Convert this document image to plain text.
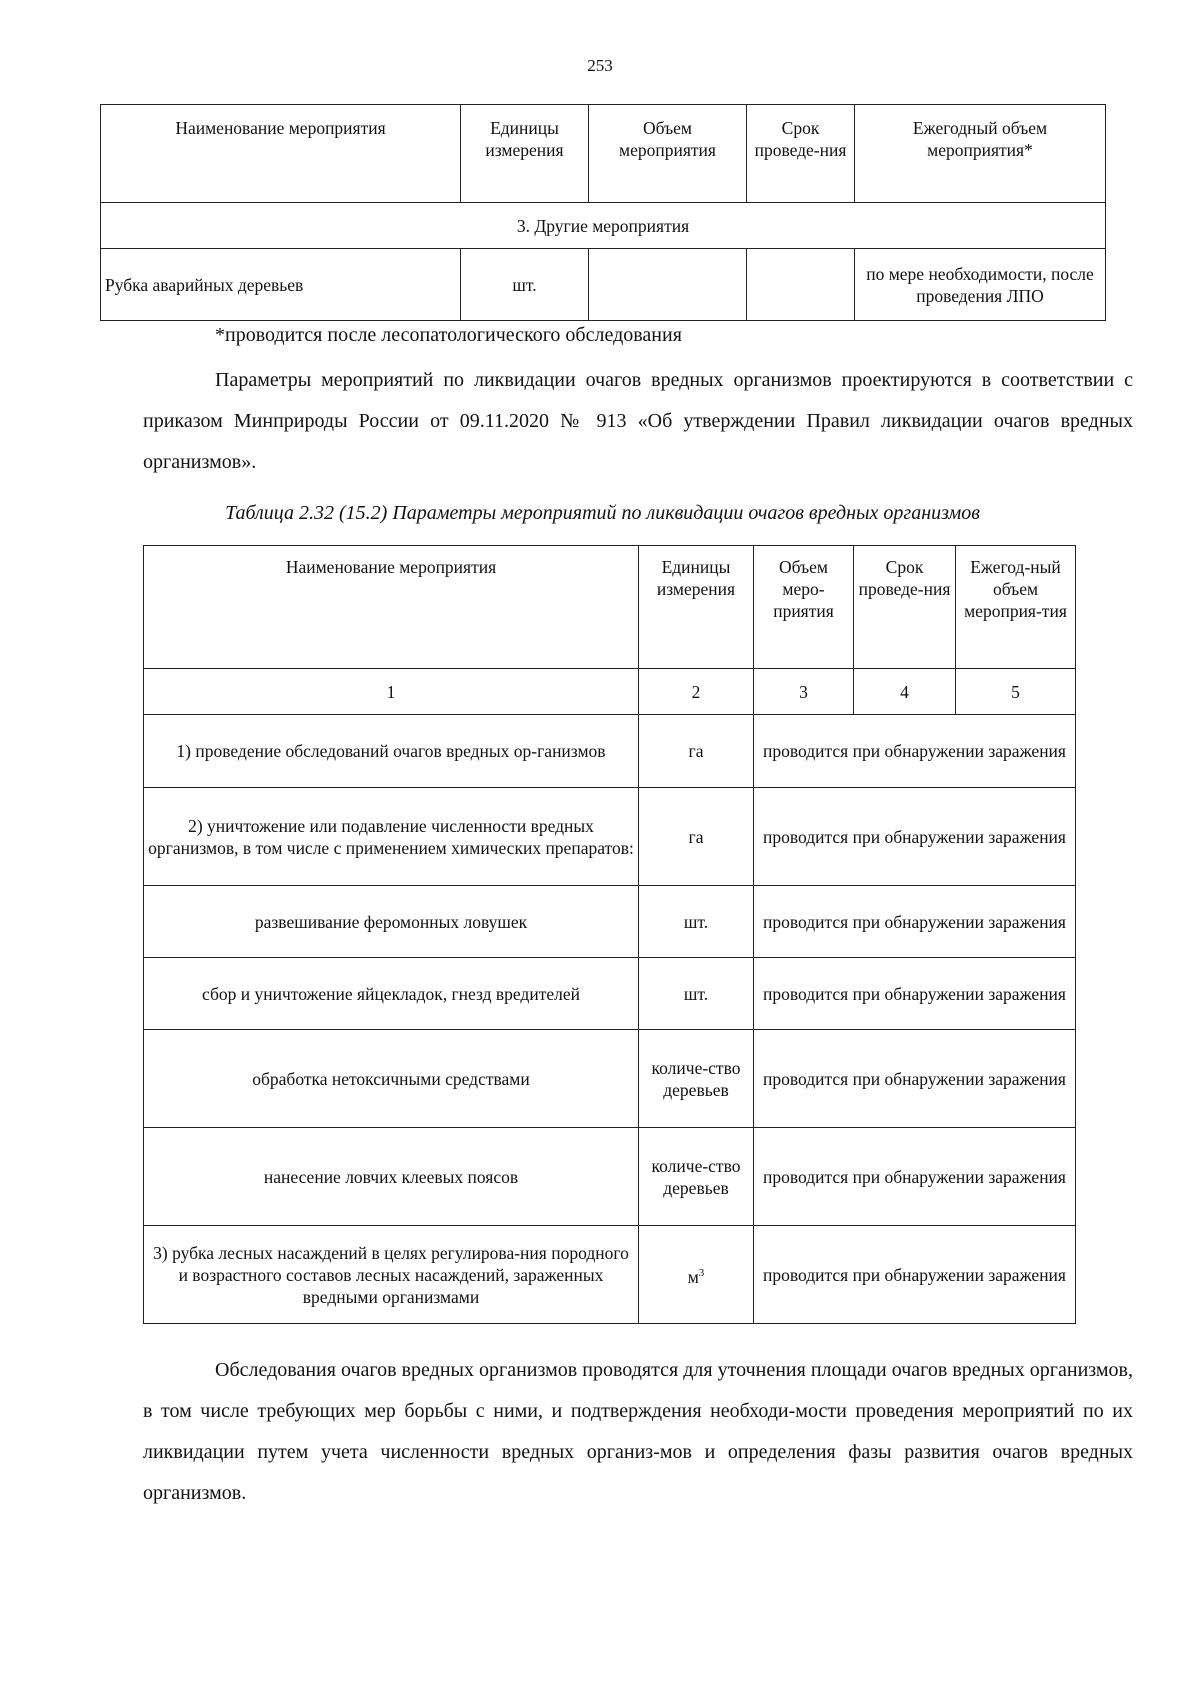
253
Наименование мероприятия	Единицы измерения	Объем мероприятия	Срок проведе-ния	Ежегодный объем мероприятия*
3. Другие мероприятия				
Рубка аварийных деревьев	шт.			по мере необходимости, после проведения ЛПО
*проводится после лесопатологического обследования
Параметры мероприятий по ликвидации очагов вредных организмов проектируются в соответствии с приказом Минприроды России от 09.11.2020 № 913 «Об утверждении Правил ликвидации очагов вредных организмов».
Таблица 2.32 (15.2) Параметры мероприятий по ликвидации очагов вредных организмов
Наименование мероприятия	Единицы измерения	Объем меро-приятия	Срок проведе-ния	Ежегод-ный объем мероприя-тия
1	2	3	4	5
1) проведение обследований очагов вредных ор-ганизмов	га	проводится при обнаружении заражения		
2) уничтожение или подавление численности вредных организмов, в том числе с применением химических препаратов:	га	проводится при обнаружении заражения		
развешивание феромонных ловушек	шт.	проводится при обнаружении заражения		
сбор и уничтожение яйцекладок, гнезд вредителей	шт.	проводится при обнаружении заражения		
обработка нетоксичными средствами	количе-ство деревьев	проводится при обнаружении заражения		
нанесение ловчих клеевых поясов	количе-ство деревьев	проводится при обнаружении заражения		
3) рубка лесных насаждений в целях регулирова-ния породного и возрастного составов лесных насаждений, зараженных вредными организмами	$м^3$	проводится при обнаружении заражения		
Обследования очагов вредных организмов проводятся для уточнения площади очагов вредных организмов, в том числе требующих мер борьбы с ними, и подтверждения необходи-мости проведения мероприятий по их ликвидации путем учета численности вредных организ-мов и определения фазы развития очагов вредных организмов.
